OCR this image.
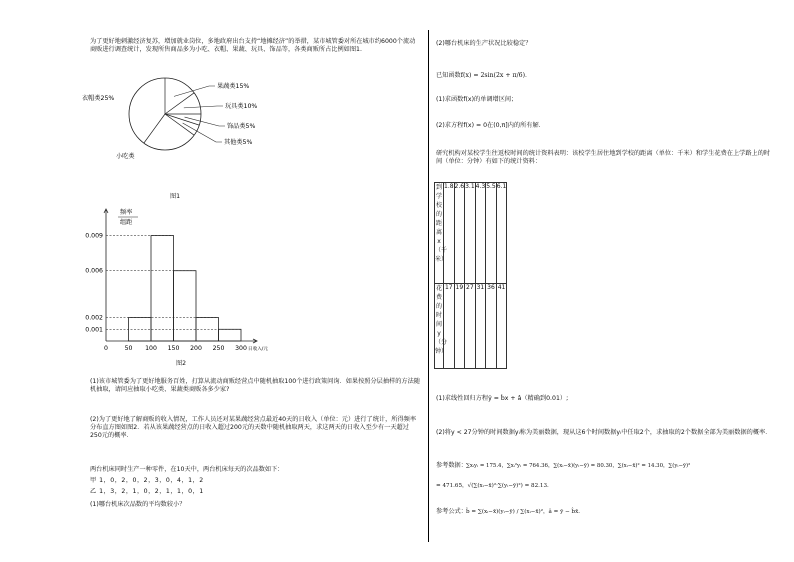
为了更好地刺激经济复苏，增加就业岗位，多地政府出台支持“地摊经济”的举措，某市城管委对所在城市约6000个流动商贩进行调查统计，发现所售商品多为小吃、衣帽、果蔬、玩具、饰品等，各类商贩所占比例如图1.
果蔬类15%
玩具类10%
饰品类5%
其他类5%
衣帽类25%
小吃类
图1
频率
组距
0.009
0.006
0.002
0.001
0	50 100 150 200 250 300 日收入/元
图2
(1)该市城管委为了更好地服务百姓，打算从流动商贩经营点中随机抽取100个进行政策问询．如果按照分层抽样的方法随机抽取，请问应抽取小吃类、果蔬类商贩各多少家?
(2)为了更好地了解商贩的收入情况，工作人员还对某果蔬经营点最近40天的日收入（单位：元）进行了统计，所得频率分布直方图如图2．若从该果蔬经营点的日收入超过200元的天数中随机抽取两天，求这两天的日收入至少有一天超过250元的概率．
两台机床同时生产一种零件，在10天中，两台机床每天的次品数如下：
甲 1，0，2，0，2，3，0，4，1，2
乙 1，3，2，1，0，2，1，1，0，1
(1)哪台机床次品数的平均数较小？
(2)哪台机床的生产状况比较稳定？
已知函数f(x) = 2sin(2x + π/6)．
(1)求函数f(x)的单调增区间；
(2)求方程f(x) = 0在(0,π]内的所有解．
研究机构对某校学生往返校时间的统计资料表明：该校学生居住地到学校的距离（单位：千米）和学生花费在上学路上的时间（单位：分钟）有如下的统计资料：
到学校的距离x（千米）	1.8	2.6	3.1	4.3	5.5	6.1

花费的时间y（分钟）	17	19	27	31	36	41
(1)求线性回归方程ŷ = b̂x + â（精确到0.01）;
(2)将y < 27分钟的时间数据yᵢ称为美丽数据，现从这6个时间数据yᵢ中任取2个，求抽取的2个数据全部为美丽数据的概率．
参考数据： ∑xᵢyᵢ = 175.4，∑xᵢ²yᵢ = 764.36，∑(xᵢ−x̄)(yᵢ−ȳ) = 80.30，∑(xᵢ−x̄)² = 14.30，∑(yᵢ−ȳ)²
= 471.65，√(∑(xᵢ−x̄)²·∑(yᵢ−ȳ)²) = 82.13.
参考公式： b̂ = ∑(xᵢ−x̄)(yᵢ−ȳ) / ∑(xᵢ−x̄)²，â = ȳ − b̂x̄．
